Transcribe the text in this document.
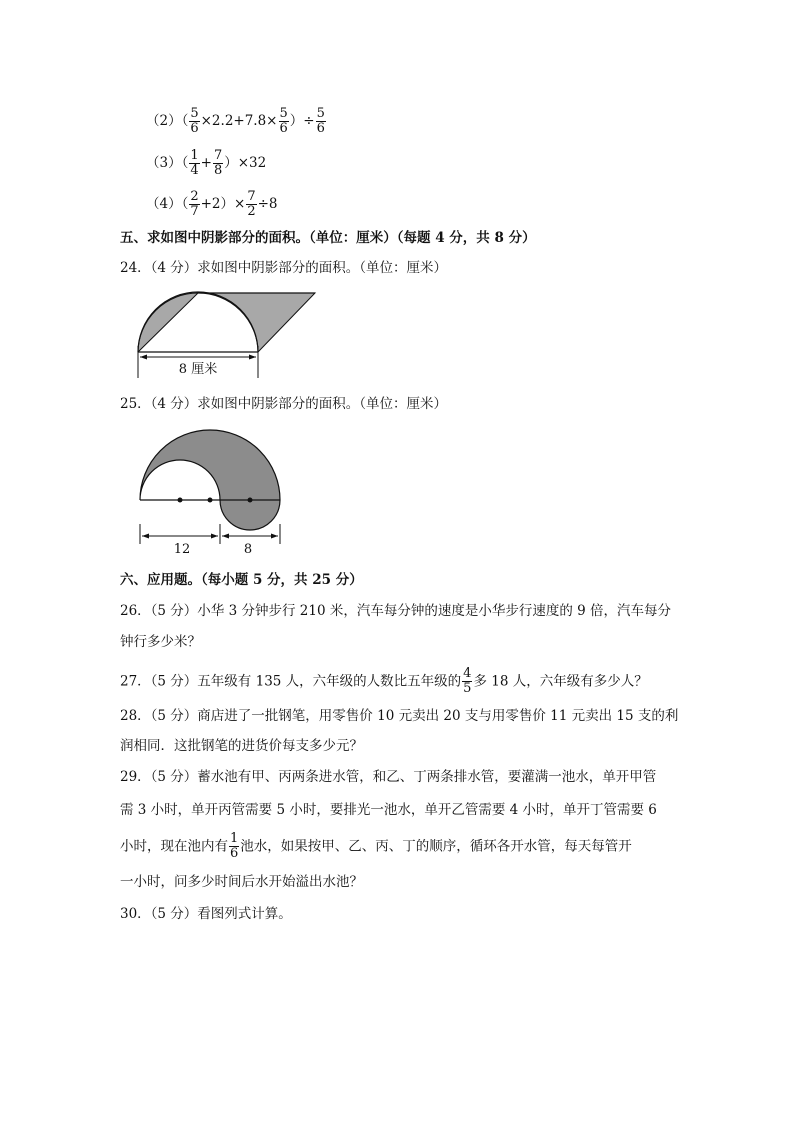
$(2)( \frac{5}{6} \times 2.2+7.8\times \frac{5}{6}$ ）÷ $\frac{5}{6}$
$(3)( \frac{1}{4} + \frac{7}{8} )\times 32$
$(4)( \frac{2}{7} +2)\times \frac{7}{2} \div 8$
五、求如图中阴影部分的面积。（单位：厘米）（每题 4 分，共 8 分）
24．（4 分）求如图中阴影部分的面积。（单位：厘米）
8 厘米
25．（4 分）求如图中阴影部分的面积。（单位：厘米）
12	8
六、应用题。（每小题 5 分，共 25 分）
26．（5 分）小华 3 分钟步行 210 米，汽车每分钟的速度是小华步行速度的 9 倍，汽车每分
钟行多少米？
27．（5 分）五年级有 135 人，六年级的人数比五年级的 $\frac{4}{5}$ 多 18 人，六年级有多少人？
28．（5 分）商店进了一批钢笔，用零售价 10 元卖出 20 支与用零售价 11 元卖出 15 支的利
润相同．这批钢笔的进货价每支多少元？
29．（5 分）蓄水池有甲、丙两条进水管，和乙、丁两条排水管，要灌满一池水，单开甲管
需 3 小时，单开丙管需要 5 小时，要排光一池水，单开乙管需要 4 小时，单开丁管需要 6
小时，现在池内有 $\frac{1}{6}$ 池水，如果按甲、乙、丙、丁的顺序，循环各开水管，每天每管开
一小时，问多少时间后水开始溢出水池？
30．（5 分）看图列式计算。
